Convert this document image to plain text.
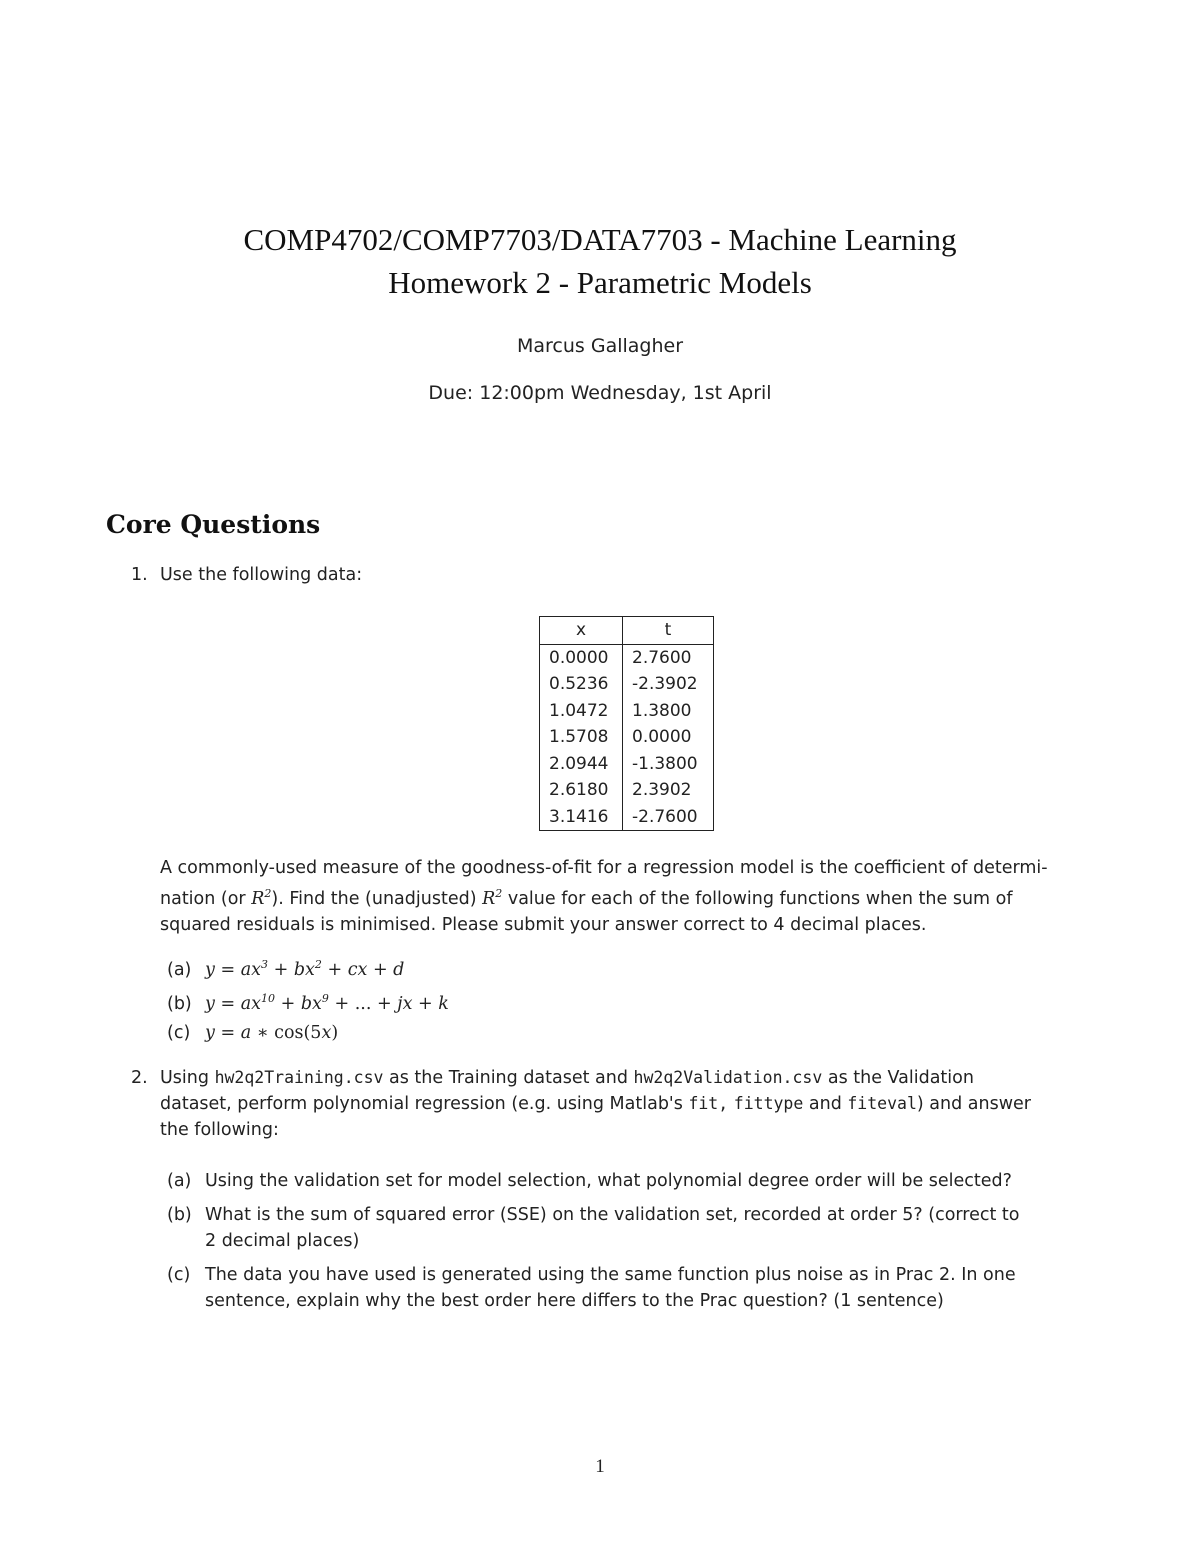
COMP4702/COMP7703/DATA7703 - Machine Learning
Homework 2 - Parametric Models
Marcus Gallagher
Due: 12:00pm Wednesday, 1st April
Core Questions
1. Use the following data:
x	t
0.0000	2.7600
0.5236	-2.3902
1.0472	1.3800
1.5708	0.0000
2.0944	-1.3800
2.6180	2.3902
3.1416	-2.7600
A commonly-used measure of the goodness-of-fit for a regression model is the coefficient of determi-
nation (or $R^2$). Find the (unadjusted) $R^2$ value for each of the following functions when the sum of
squared residuals is minimised. Please submit your answer correct to 4 decimal places.
(a) $y = ax^3 + bx^2$ + cx + d
(b) $y = ax^{10} + bx^9$ + ... + jx + k
(c) y = a ∗ cos(5x)
2. Using hw2q2Training.csv as the Training dataset and hw2q2Validation.csv as the Validation
dataset, perform polynomial regression (e.g. using Matlab's fit, fittype and fiteval) and answer
the following:
(a) Using the validation set for model selection, what polynomial degree order will be selected?
(b) What is the sum of squared error (SSE) on the validation set, recorded at order 5? (correct to
2 decimal places)
(c) The data you have used is generated using the same function plus noise as in Prac 2. In one
sentence, explain why the best order here differs to the Prac question? (1 sentence)
1
